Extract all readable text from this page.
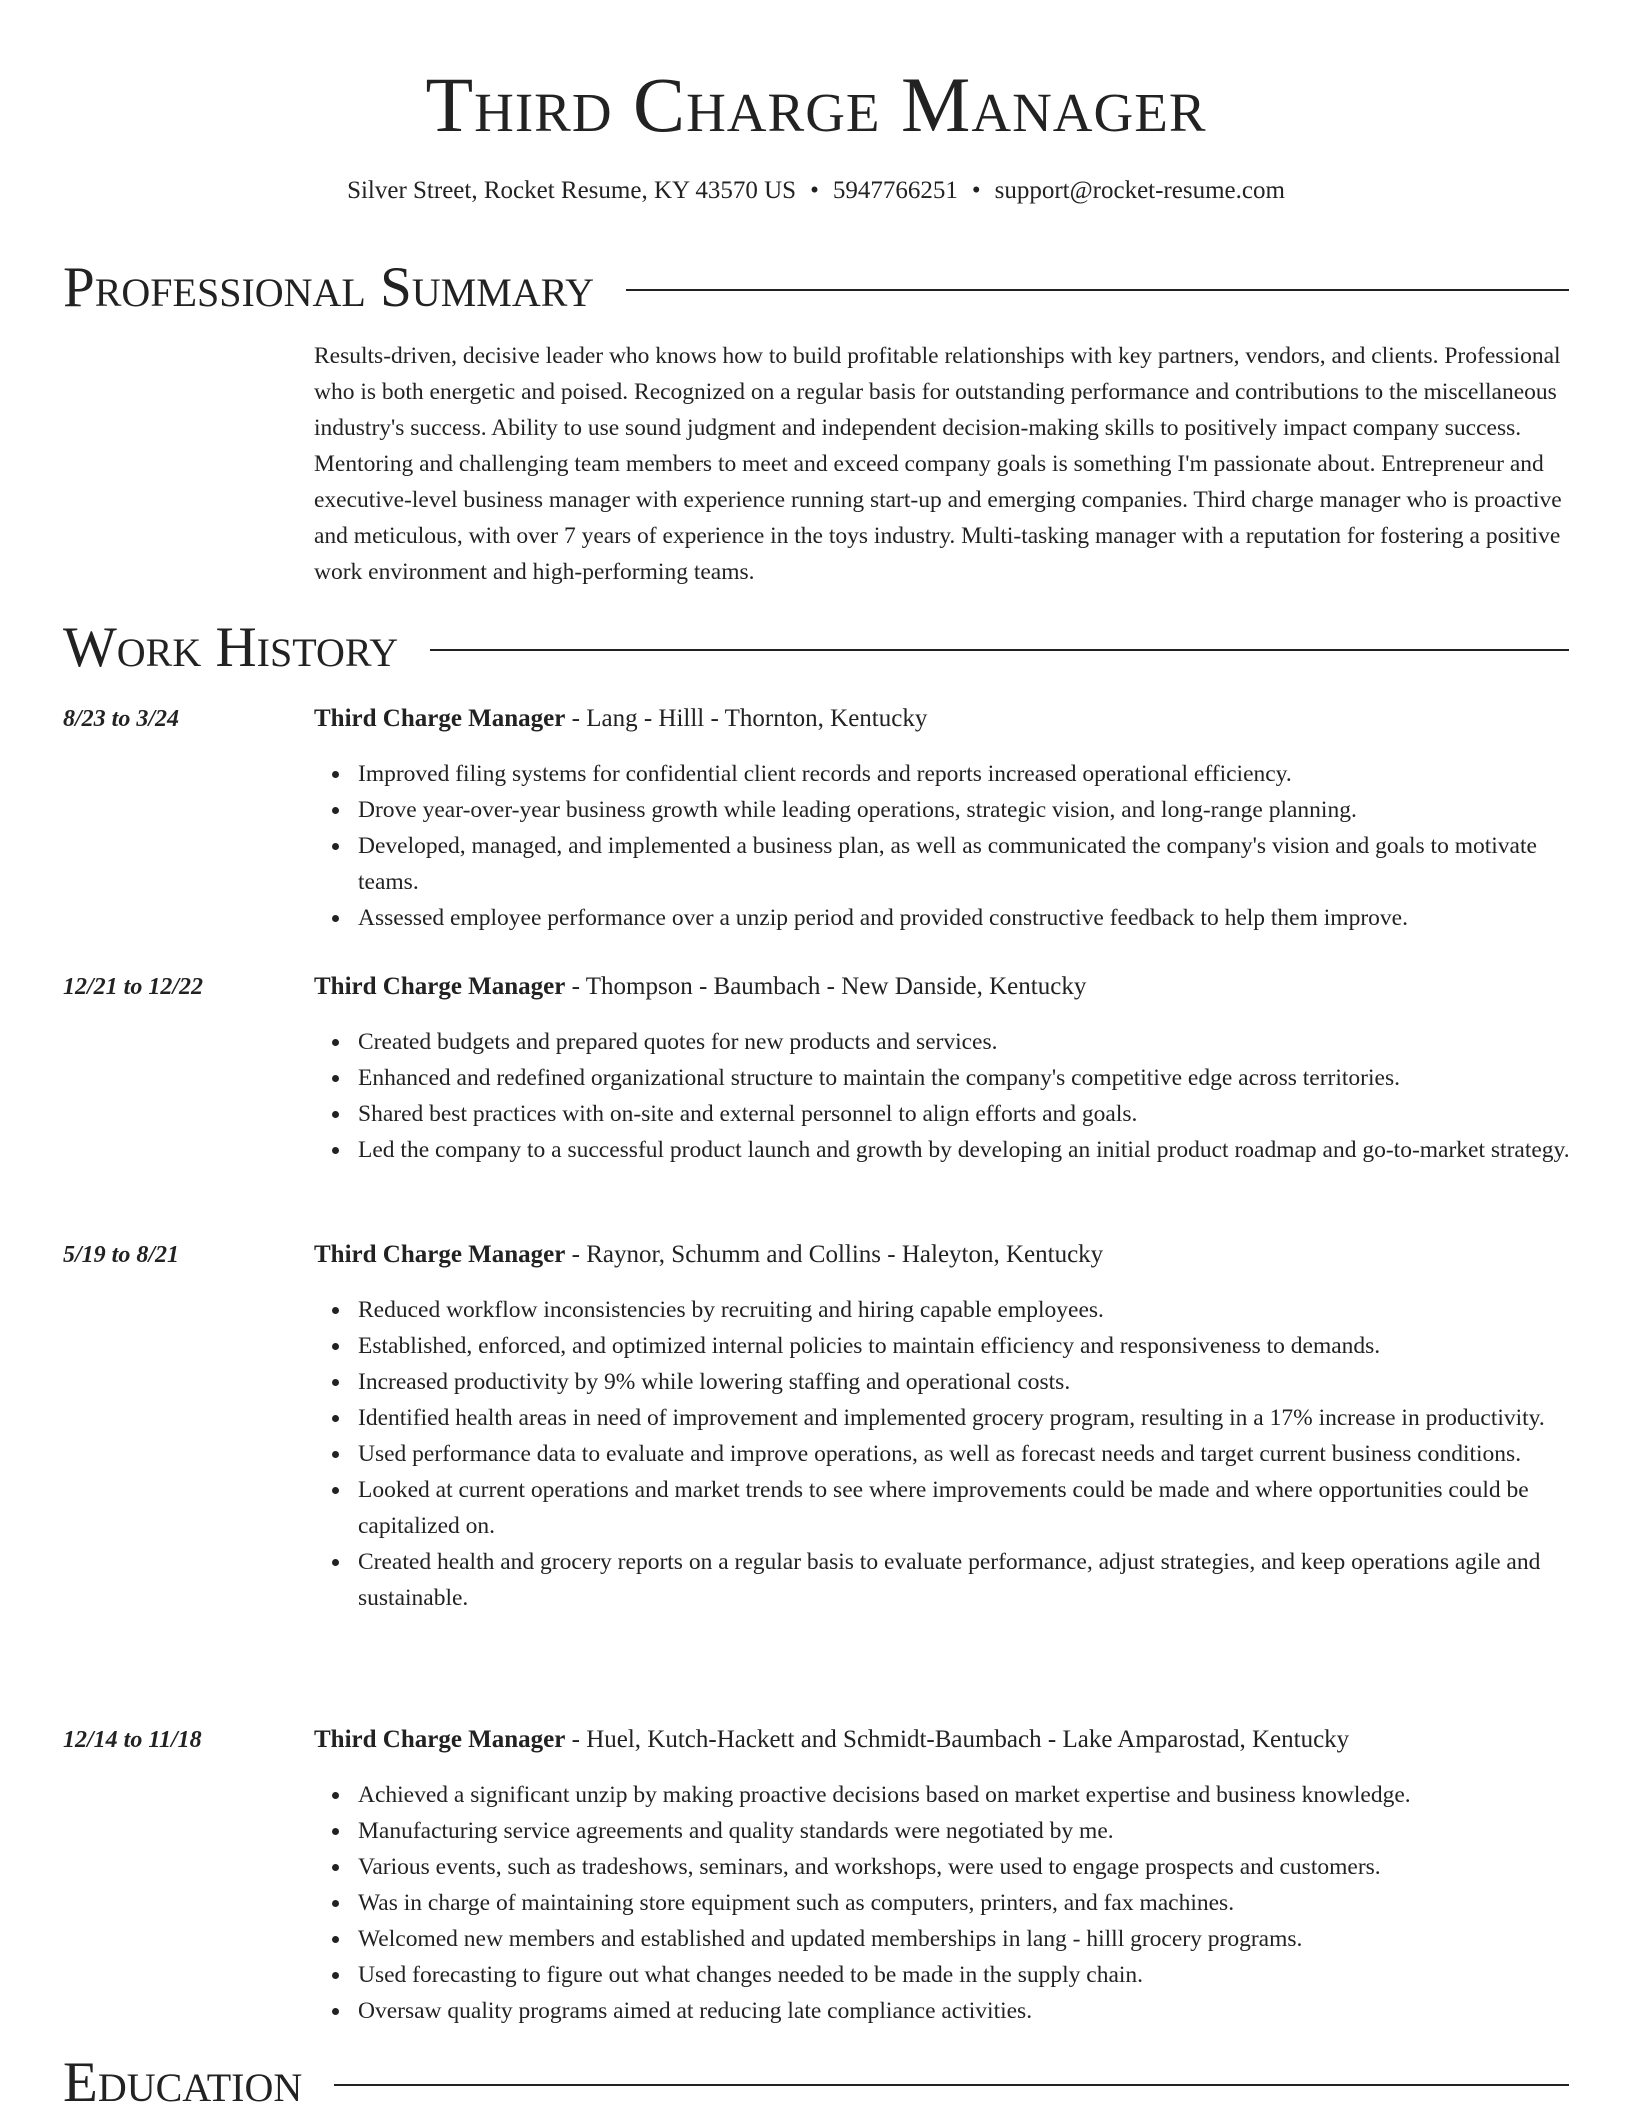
Third Charge Manager
Silver Street, Rocket Resume, KY 43570 US • 5947766251 • support@rocket-resume.com
Professional Summary
Results-driven, decisive leader who knows how to build profitable relationships with key partners, vendors, and clients. Professional who is both energetic and poised. Recognized on a regular basis for outstanding performance and contributions to the miscellaneous industry's success. Ability to use sound judgment and independent decision-making skills to positively impact company success. Mentoring and challenging team members to meet and exceed company goals is something I'm passionate about. Entrepreneur and executive-level business manager with experience running start-up and emerging companies. Third charge manager who is proactive and meticulous, with over 7 years of experience in the toys industry. Multi-tasking manager with a reputation for fostering a positive work environment and high-performing teams.
Work History
8/23 to 3/24	Third Charge Manager - Lang - Hilll - Thornton, Kentucky
Improved filing systems for confidential client records and reports increased operational efficiency.
Drove year-over-year business growth while leading operations, strategic vision, and long-range planning.
Developed, managed, and implemented a business plan, as well as communicated the company's vision and goals to motivate teams.
Assessed employee performance over a unzip period and provided constructive feedback to help them improve.
12/21 to 12/22	Third Charge Manager - Thompson - Baumbach - New Danside, Kentucky
Created budgets and prepared quotes for new products and services.
Enhanced and redefined organizational structure to maintain the company's competitive edge across territories.
Shared best practices with on-site and external personnel to align efforts and goals.
Led the company to a successful product launch and growth by developing an initial product roadmap and go-to-market strategy.
5/19 to 8/21	Third Charge Manager - Raynor, Schumm and Collins - Haleyton, Kentucky
Reduced workflow inconsistencies by recruiting and hiring capable employees.
Established, enforced, and optimized internal policies to maintain efficiency and responsiveness to demands.
Increased productivity by 9% while lowering staffing and operational costs.
Identified health areas in need of improvement and implemented grocery program, resulting in a 17% increase in productivity.
Used performance data to evaluate and improve operations, as well as forecast needs and target current business conditions.
Looked at current operations and market trends to see where improvements could be made and where opportunities could be capitalized on.
Created health and grocery reports on a regular basis to evaluate performance, adjust strategies, and keep operations agile and sustainable.
12/14 to 11/18	Third Charge Manager - Huel, Kutch-Hackett and Schmidt-Baumbach - Lake Amparostad, Kentucky
Achieved a significant unzip by making proactive decisions based on market expertise and business knowledge.
Manufacturing service agreements and quality standards were negotiated by me.
Various events, such as tradeshows, seminars, and workshops, were used to engage prospects and customers.
Was in charge of maintaining store equipment such as computers, printers, and fax machines.
Welcomed new members and established and updated memberships in lang - hilll grocery programs.
Used forecasting to figure out what changes needed to be made in the supply chain.
Oversaw quality programs aimed at reducing late compliance activities.
Education
